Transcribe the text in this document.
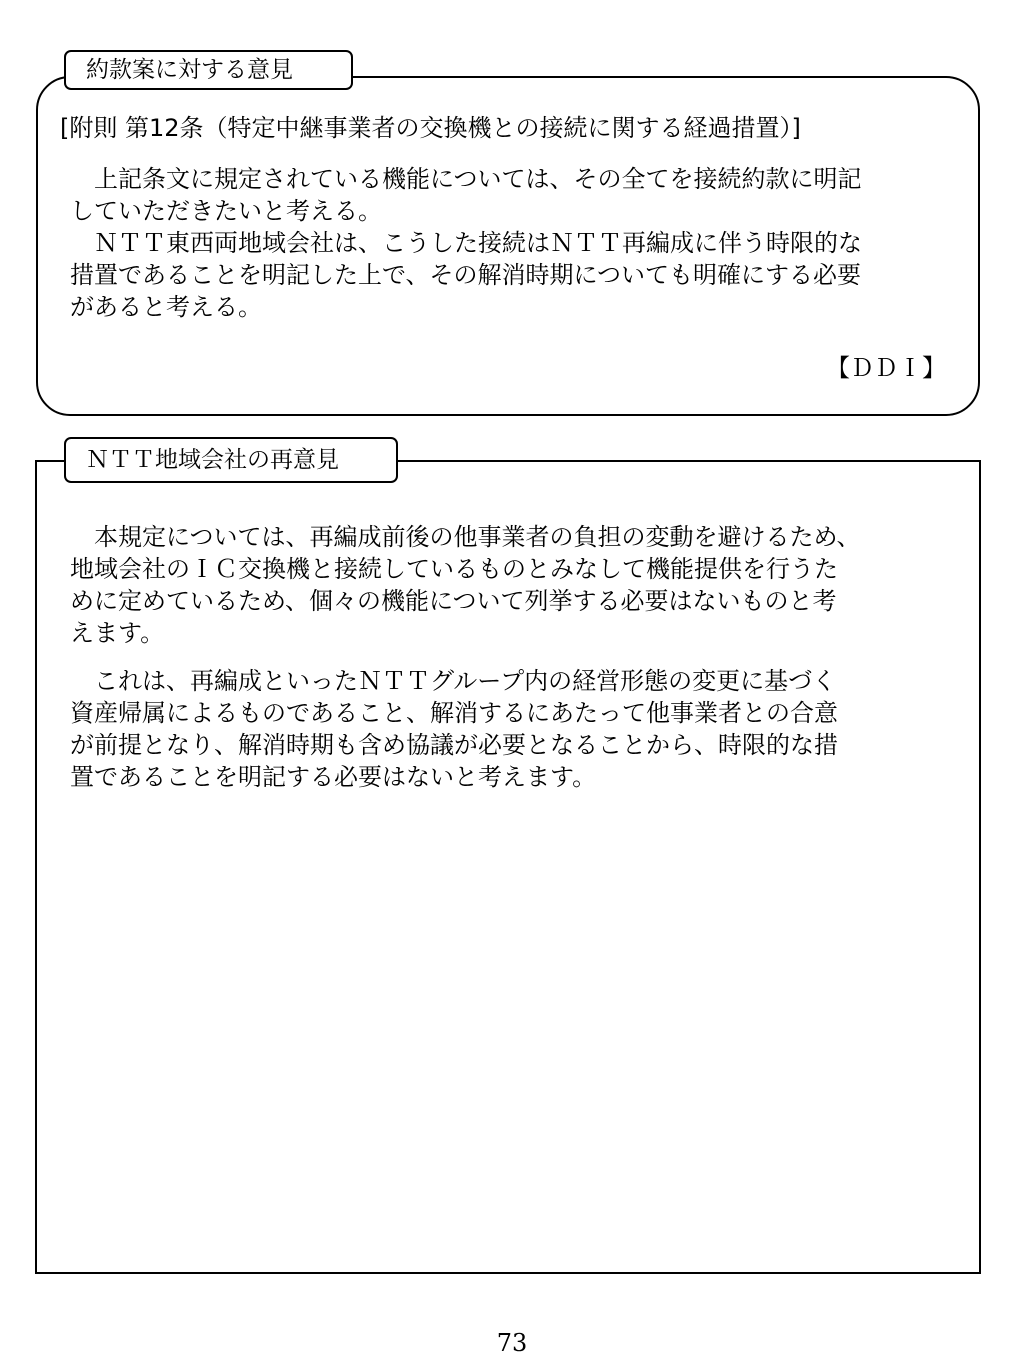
約款案に対する意見
[附則 第12条（特定中継事業者の交換機との接続に関する経過措置）]
　上記条文に規定されている機能については、その全てを接続約款に明記
していただきたいと考える。
　ＮＴＴ東西両地域会社は、こうした接続はＮＴＴ再編成に伴う時限的な
措置であることを明記した上で、その解消時期についても明確にする必要
があると考える。
【ＤＤＩ】
ＮＴＴ地域会社の再意見
　本規定については、再編成前後の他事業者の負担の変動を避けるため、
地域会社のＩＣ交換機と接続しているものとみなして機能提供を行うた
めに定めているため、個々の機能について列挙する必要はないものと考
えます。
　これは、再編成といったＮＴＴグループ内の経営形態の変更に基づく
資産帰属によるものであること、解消するにあたって他事業者との合意
が前提となり、解消時期も含め協議が必要となることから、時限的な措
置であることを明記する必要はないと考えます。
73
